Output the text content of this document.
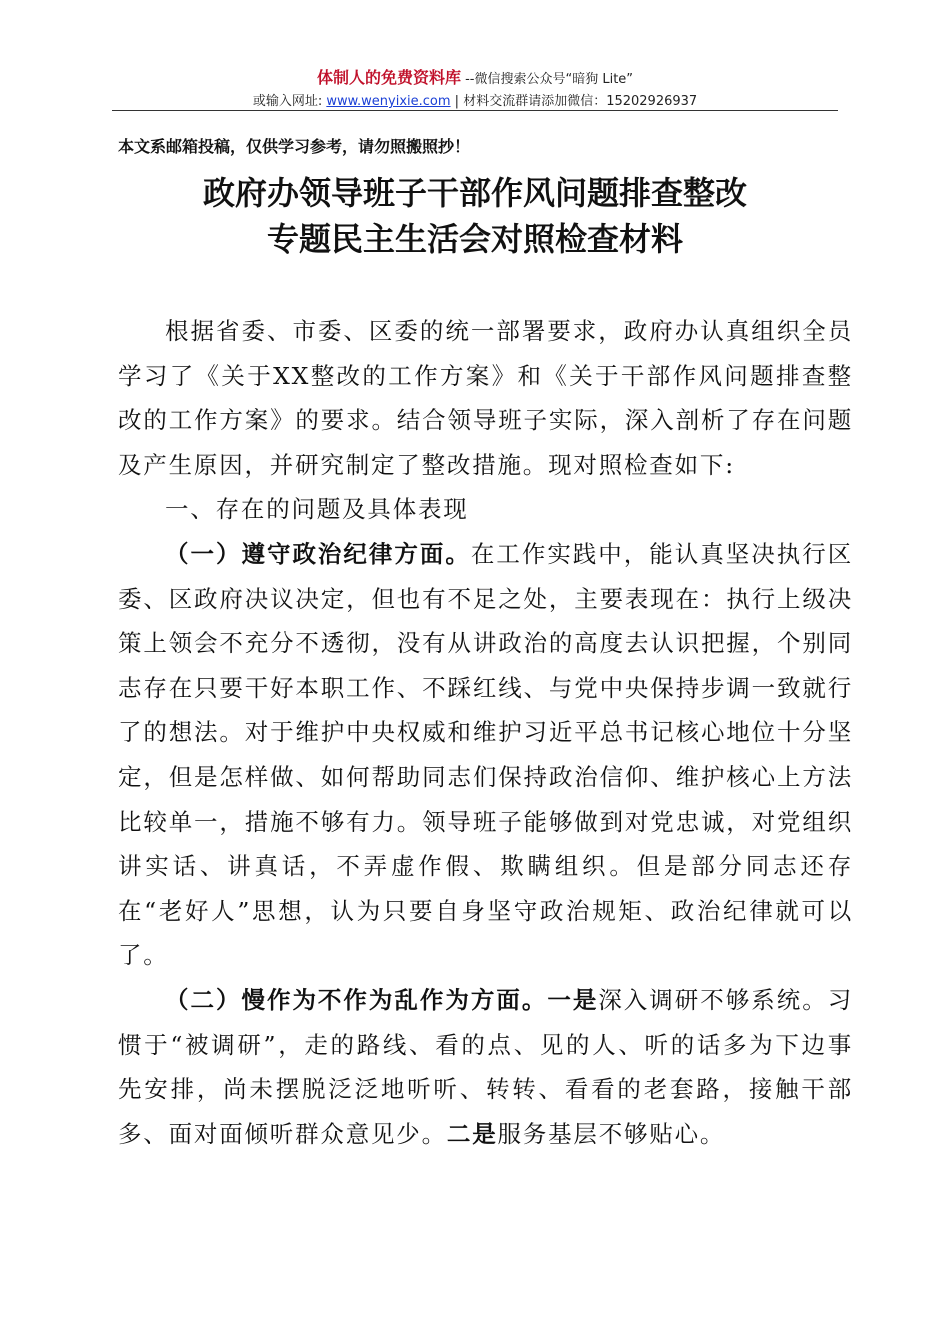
体制人的免费资料库 --微信搜索公众号“暗狗 Lite”
或输入网址: www.wenyixie.com | 材料交流群请添加微信：15202926937
本文系邮箱投稿，仅供学习参考，请勿照搬照抄！
政府办领导班子干部作风问题排查整改
专题民主生活会对照检查材料

根据省委、市委、区委的统一部署要求，政府办认真组织全员学习了《关于XX整改的工作方案》和《关于干部作风问题排查整改的工作方案》的要求。结合领导班子实际，深入剖析了存在问题及产生原因，并研究制定了整改措施。现对照检查如下:

一、存在的问题及具体表现

（一）遵守政治纪律方面。在工作实践中，能认真坚决执行区委、区政府决议决定，但也有不足之处，主要表现在：执行上级决策上领会不充分不透彻，没有从讲政治的高度去认识把握，个别同志存在只要干好本职工作、不踩红线、与党中央保持步调一致就行了的想法。对于维护中央权威和维护习近平总书记核心地位十分坚定，但是怎样做、如何帮助同志们保持政治信仰、维护核心上方法比较单一，措施不够有力。领导班子能够做到对党忠诚，对党组织讲实话、讲真话，不弄虚作假、欺瞒组织。但是部分同志还存在“老好人”思想，认为只要自身坚守政治规矩、政治纪律就可以了。

（二）慢作为不作为乱作为方面。一是深入调研不够系统。习惯于“被调研”，走的路线、看的点、见的人、听的话多为下边事先安排，尚未摆脱泛泛地听听、转转、看看的老套路，接触干部多、面对面倾听群众意见少。二是服务基层不够贴心。
